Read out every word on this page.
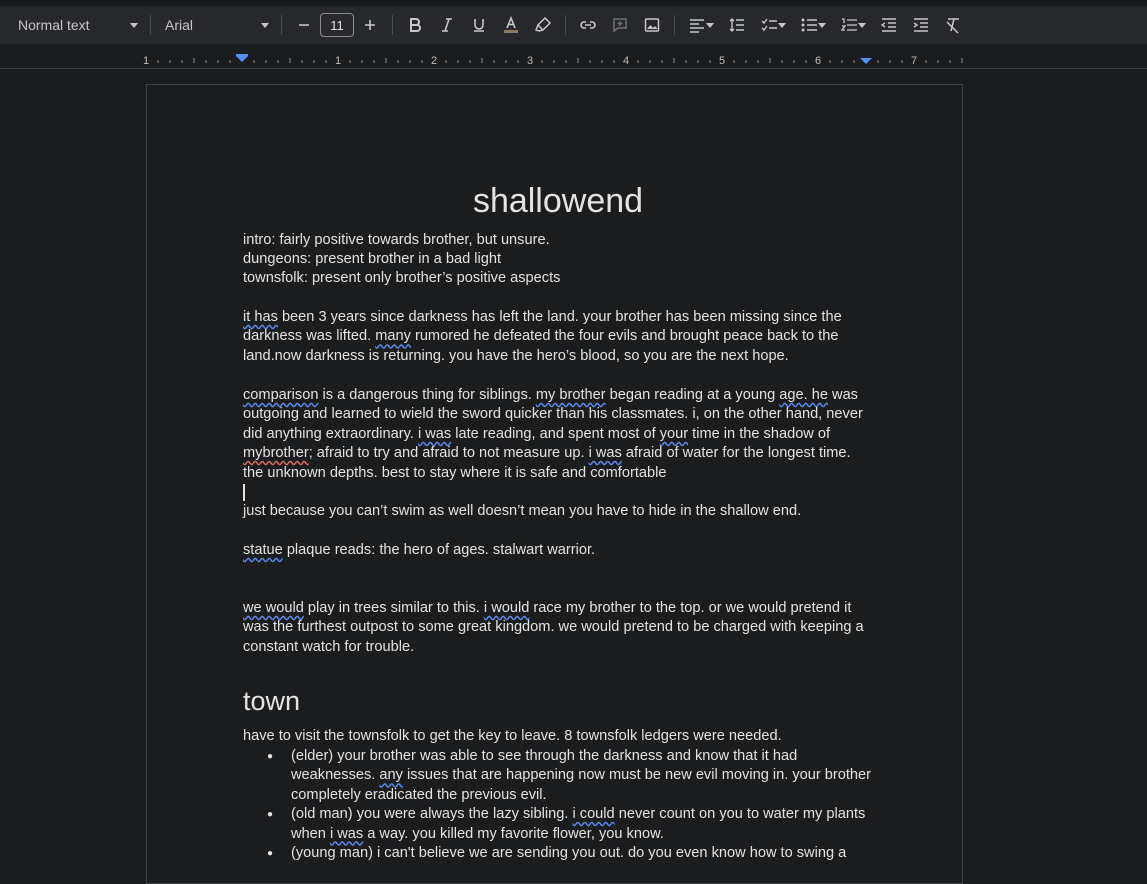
Normal text	Arial	11
1	1	2	3	4	5	6	7
shallowend
intro: fairly positive towards brother, but unsure.
dungeons: present brother in a bad light
townsfolk: present only brother’s positive aspects
it has been 3 years since darkness has left the land. your brother has been missing since the darkness was lifted. many rumored he defeated the four evils and brought peace back to the land.now darkness is returning. you have the hero’s blood, so you are the next hope.
comparison is a dangerous thing for siblings. my brother began reading at a young age. he was outgoing and learned to wield the sword quicker than his classmates. i, on the other hand, never did anything extraordinary. i was late reading, and spent most of your time in the shadow of mybrother; afraid to try and afraid to not measure up. i was afraid of water for the longest time. the unknown depths. best to stay where it is safe and comfortable
just because you can’t swim as well doesn’t mean you have to hide in the shallow end.
statue plaque reads: the hero of ages. stalwart warrior.
we would play in trees similar to this. i would race my brother to the top. or we would pretend it was the furthest outpost to some great kingdom. we would pretend to be charged with keeping a constant watch for trouble.
town
have to visit the townsfolk to get the key to leave. 8 townsfolk ledgers were needed.
● (elder) your brother was able to see through the darkness and know that it had weaknesses. any issues that are happening now must be new evil moving in. your brother completely eradicated the previous evil.
● (old man) you were always the lazy sibling. i could never count on you to water my plants when i was a way. you killed my favorite flower, you know.
● (young man) i can't believe we are sending you out. do you even know how to swing a
